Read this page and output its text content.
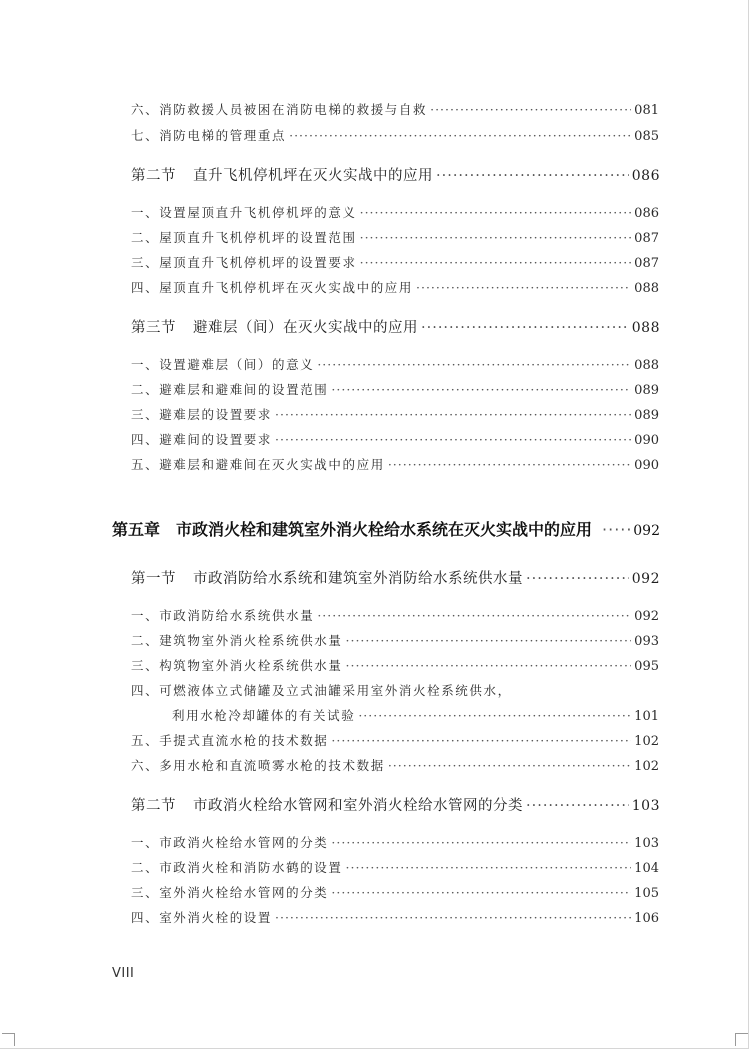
六、消防救援人员被困在消防电梯的救援与自救 ·····	081
七、消防电梯的管理重点 ·····	085
第二节 直升飞机停机坪在灭火实战中的应用 ·····	086
一、设置屋顶直升飞机停机坪的意义 ·····	086
二、屋顶直升飞机停机坪的设置范围 ·····	087
三、屋顶直升飞机停机坪的设置要求 ·····	087
四、屋顶直升飞机停机坪在灭火实战中的应用 ·····	088
第三节 避难层（间）在灭火实战中的应用 ·····	088
一、设置避难层（间）的意义 ·····	088
二、避难层和避难间的设置范围 ·····	089
三、避难层的设置要求 ·····	089
四、避难间的设置要求 ·····	090
五、避难层和避难间在灭火实战中的应用 ·····	090
第五章 市政消火栓和建筑室外消火栓给水系统在灭火实战中的应用 ·····	092
第一节 市政消防给水系统和建筑室外消防给水系统供水量 ·····	092
一、市政消防给水系统供水量 ·····	092
二、建筑物室外消火栓系统供水量 ·····	093
三、构筑物室外消火栓系统供水量 ·····	095
四、可燃液体立式储罐及立式油罐采用室外消火栓系统供水，
利用水枪冷却罐体的有关试验 ·····	101
五、手提式直流水枪的技术数据 ·····	102
六、多用水枪和直流喷雾水枪的技术数据 ·····	102
第二节 市政消火栓给水管网和室外消火栓给水管网的分类 ·····	103
一、市政消火栓给水管网的分类 ·····	103
二、市政消火栓和消防水鹤的设置 ·····	104
三、室外消火栓给水管网的分类 ·····	105
四、室外消火栓的设置 ·····	106
VIII
